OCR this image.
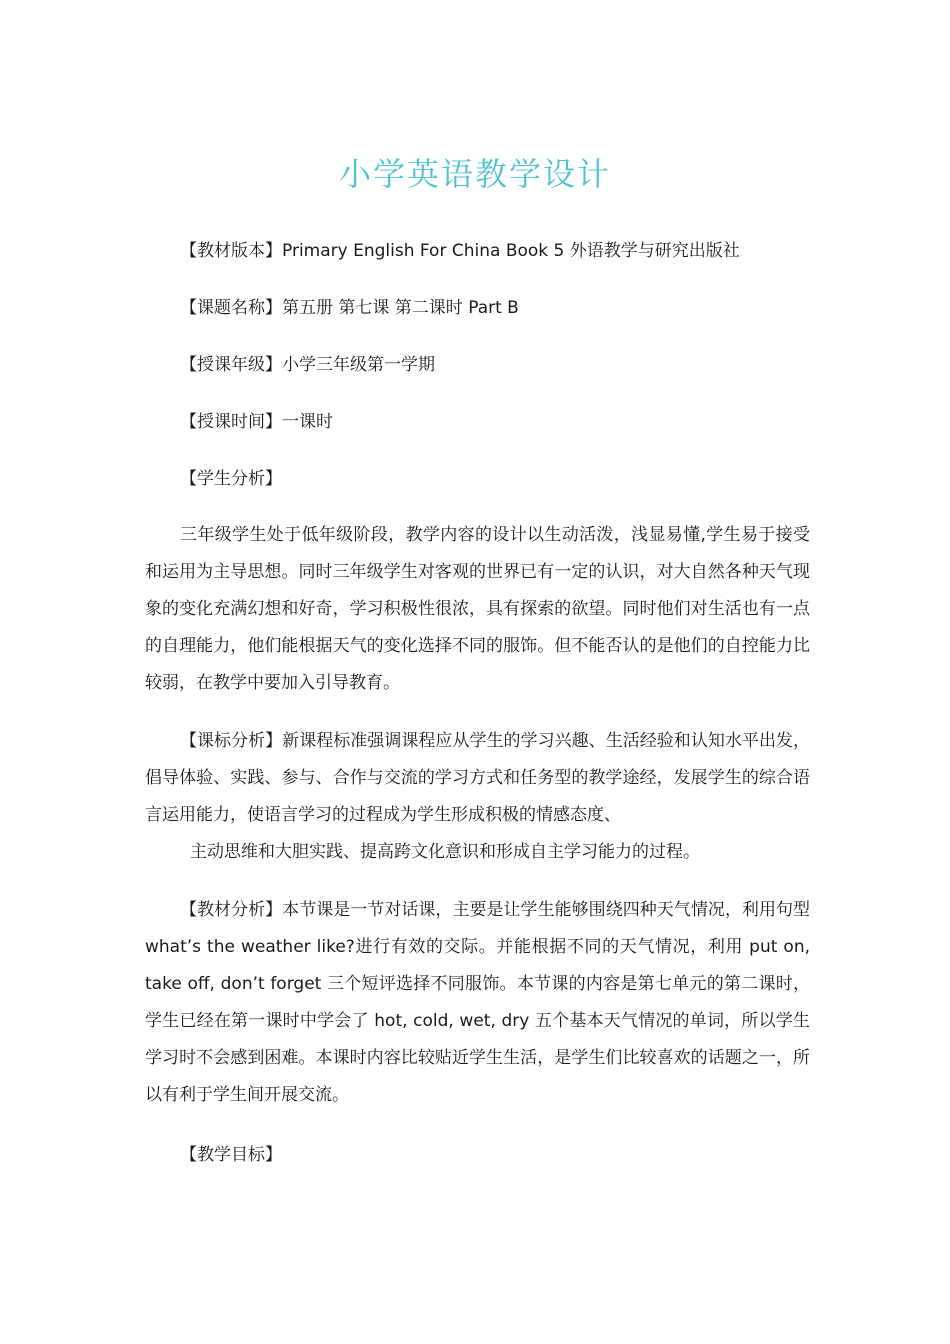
小学英语教学设计
【教材版本】Primary English For China Book 5 外语教学与研究出版社
【课题名称】第五册 第七课 第二课时 Part B
【授课年级】小学三年级第一学期
【授课时间】一课时
【学生分析】
三年级学生处于低年级阶段，教学内容的设计以生动活泼，浅显易懂,学生易于接受和运用为主导思想。同时三年级学生对客观的世界已有一定的认识，对大自然各种天气现象的变化充满幻想和好奇，学习积极性很浓，具有探索的欲望。同时他们对生活也有一点的自理能力，他们能根据天气的变化选择不同的服饰。但不能否认的是他们的自控能力比较弱，在教学中要加入引导教育。
【课标分析】新课程标准强调课程应从学生的学习兴趣、生活经验和认知水平出发，倡导体验、实践、参与、合作与交流的学习方式和任务型的教学途经，发展学生的综合语言运用能力，使语言学习的过程成为学生形成积极的情感态度、
主动思维和大胆实践、提高跨文化意识和形成自主学习能力的过程。
【教材分析】本节课是一节对话课，主要是让学生能够围绕四种天气情况，利用句型 what’s the weather like?进行有效的交际。并能根据不同的天气情况，利用 put on, take off, don’t forget 三个短评选择不同服饰。本节课的内容是第七单元的第二课时， 学生已经在第一课时中学会了 hot, cold, wet, dry 五个基本天气情况的单词，所以学生学习时不会感到困难。本课时内容比较贴近学生生活，是学生们比较喜欢的话题之一，所以有利于学生间开展交流。
【教学目标】
